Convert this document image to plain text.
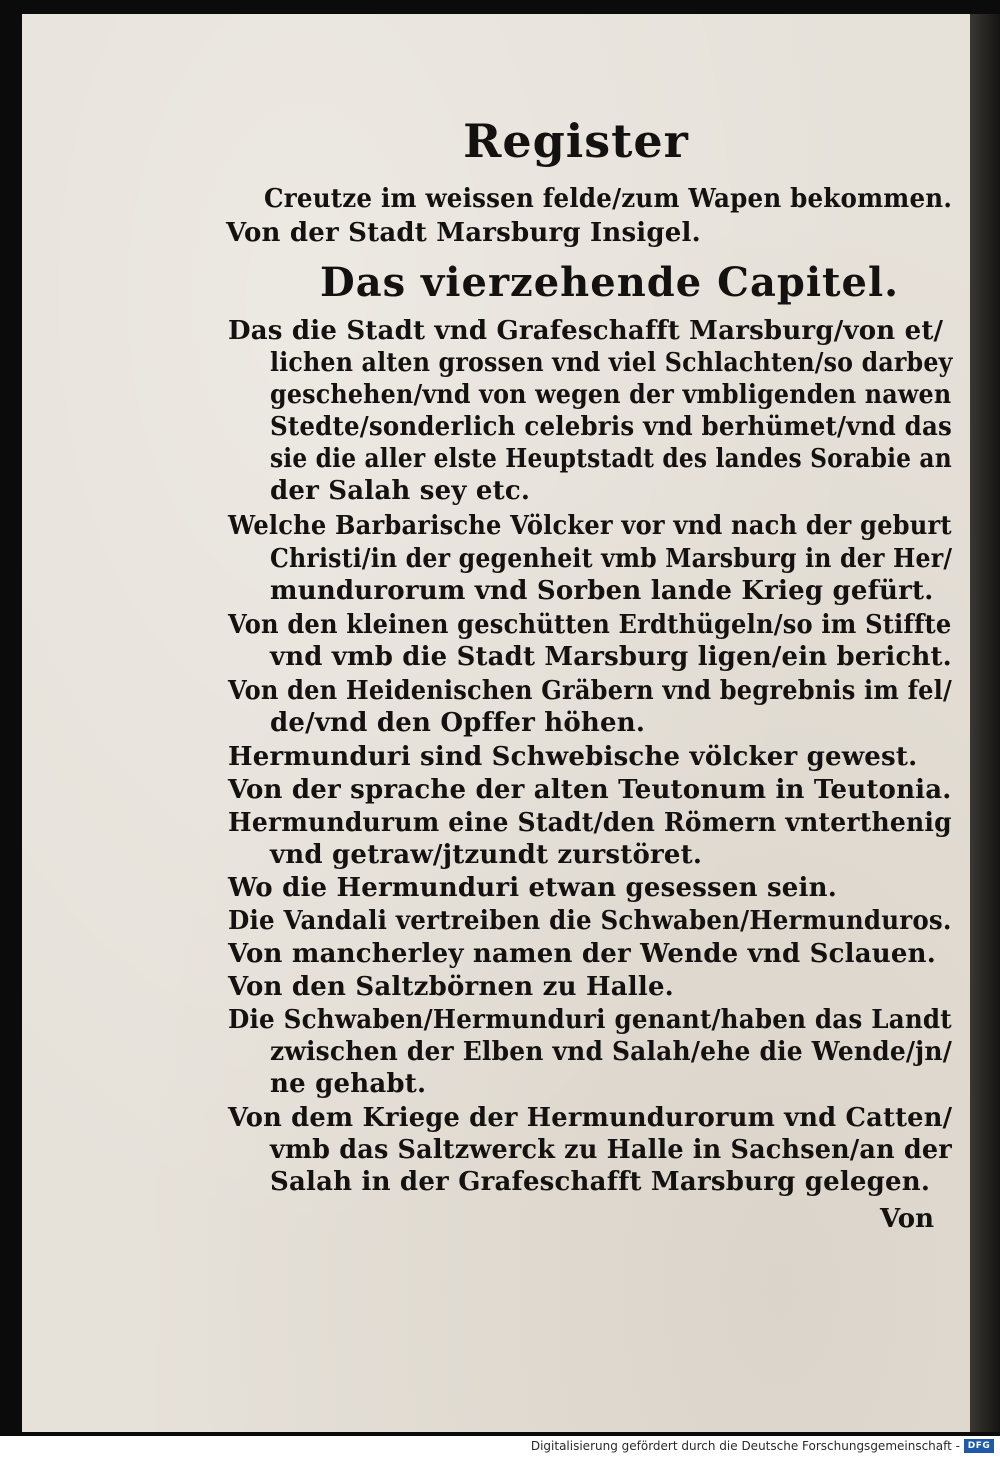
Register
Creutze im weissen felde/zum Wapen bekommen.
Von der Stadt Marsburg Insigel.
Das vierzehende Capitel.
Das die Stadt vnd Grafeschafft Marsburg/von et/
lichen alten grossen vnd viel Schlachten/so darbey
geschehen/vnd von wegen der vmbligenden nawen
Stedte/sonderlich celebris vnd berhümet/vnd das
sie die aller elste Heuptstadt des landes Sorabie an
der Salah sey etc.
Welche Barbarische Völcker vor vnd nach der geburt
Christi/in der gegenheit vmb Marsburg in der Her/
mundurorum vnd Sorben lande Krieg gefürt.
Von den kleinen geschütten Erdthügeln/so im Stiffte
vnd vmb die Stadt Marsburg ligen/ein bericht.
Von den Heidenischen Gräbern vnd begrebnis im fel/
de/vnd den Opffer höhen.
Hermunduri sind Schwebische völcker gewest.
Von der sprache der alten Teutonum in Teutonia.
Hermundurum eine Stadt/den Römern vnterthenig
vnd getraw/jtzundt zurstöret.
Wo die Hermunduri etwan gesessen sein.
Die Vandali vertreiben die Schwaben/Hermunduros.
Von mancherley namen der Wende vnd Sclauen.
Von den Saltzbörnen zu Halle.
Die Schwaben/Hermunduri genant/haben das Landt
zwischen der Elben vnd Salah/ehe die Wende/jn/
ne gehabt.
Von dem Kriege der Hermundurorum vnd Catten/
vmb das Saltzwerck zu Halle in Sachsen/an der
Salah in der Grafeschafft Marsburg gelegen.
Von
Digitalisierung gefördert durch die Deutsche Forschungsgemeinschaft - DFG
